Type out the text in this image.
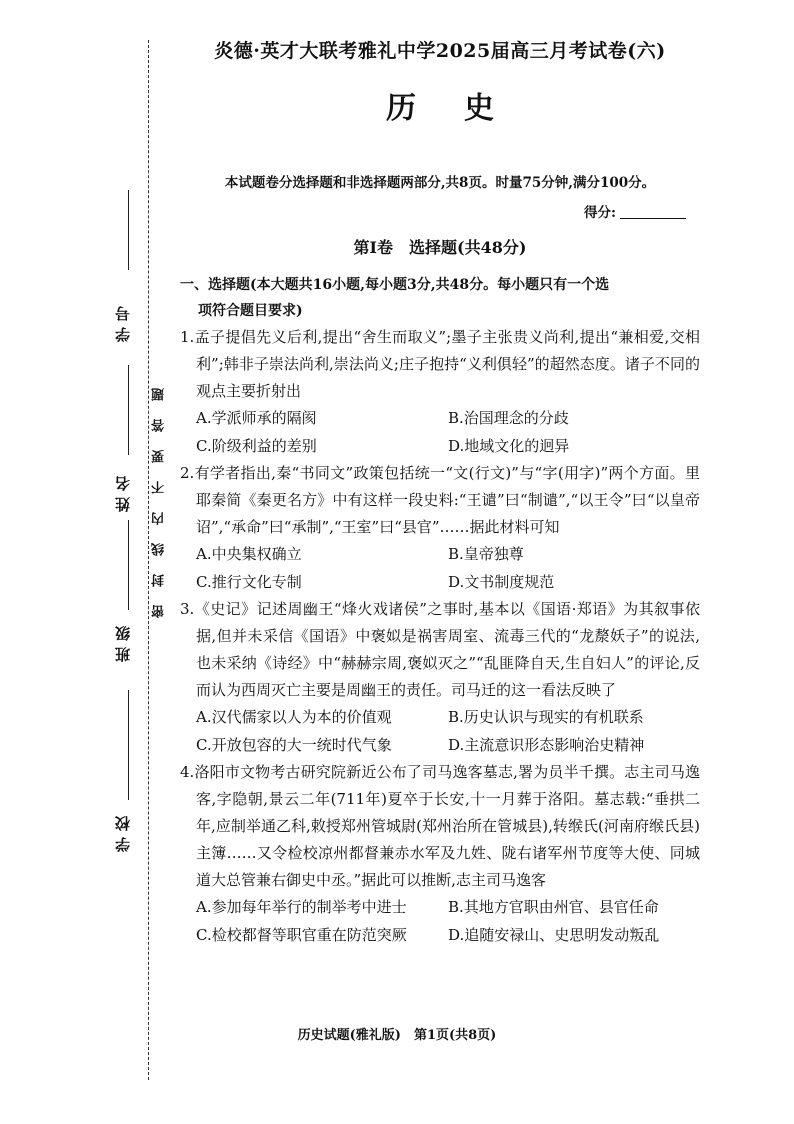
学号
姓名
班级
学校
密封线内不要答题
炎德·英才大联考雅礼中学2025届高三月考试卷(六)
历史
本试题卷分选择题和非选择题两部分,共8页。时量75分钟,满分100分。
得分:
第Ⅰ卷　选择题(共48分)
一、选择题(本大题共16小题,每小题3分,共48分。每小题只有一个选
项符合题目要求)
1.孟子提倡先义后利,提出“舍生而取义”;墨子主张贵义尚利,提出“兼相爱,交相利”;韩非子崇法尚利,崇法尚义;庄子抱持“义利俱轻”的超然态度。诸子不同的观点主要折射出
A.学派师承的隔阂	B.治国理念的分歧
C.阶级利益的差别	D.地域文化的迥异
2.有学者指出,秦“书同文”政策包括统一“文(行文)”与“字(用字)”两个方面。里耶秦简《秦更名方》中有这样一段史料:“王谴”曰“制谴”,“以王令”曰“以皇帝诏”,“承命”曰“承制”,“王室”曰“县官”……据此材料可知
A.中央集权确立	B.皇帝独尊
C.推行文化专制	D.文书制度规范
3.《史记》记述周幽王“烽火戏诸侯”之事时,基本以《国语·郑语》为其叙事依据,但并未采信《国语》中褒姒是祸害周室、流毒三代的“龙漦妖子”的说法,也未采纳《诗经》中“赫赫宗周,褒姒灭之”“乱匪降自天,生自妇人”的评论,反而认为西周灭亡主要是周幽王的责任。司马迁的这一看法反映了
A.汉代儒家以人为本的价值观	B.历史认识与现实的有机联系
C.开放包容的大一统时代气象	D.主流意识形态影响治史精神
4.洛阳市文物考古研究院新近公布了司马逸客墓志,署为员半千撰。志主司马逸客,字隐朝,景云二年(711年)夏卒于长安,十一月葬于洛阳。墓志载:“垂拱二年,应制举通乙科,敕授郑州管城尉(郑州治所在管城县),转缑氏(河南府缑氏县)主簿……又令检校凉州都督兼赤水军及九姓、陇右诸军州节度等大使、同城道大总管兼右御史中丞。”据此可以推断,志主司马逸客
A.参加每年举行的制举考中进士	B.其地方官职由州官、县官任命
C.检校都督等职官重在防范突厥	D.追随安禄山、史思明发动叛乱
历史试题(雅礼版)　第1页(共8页)
